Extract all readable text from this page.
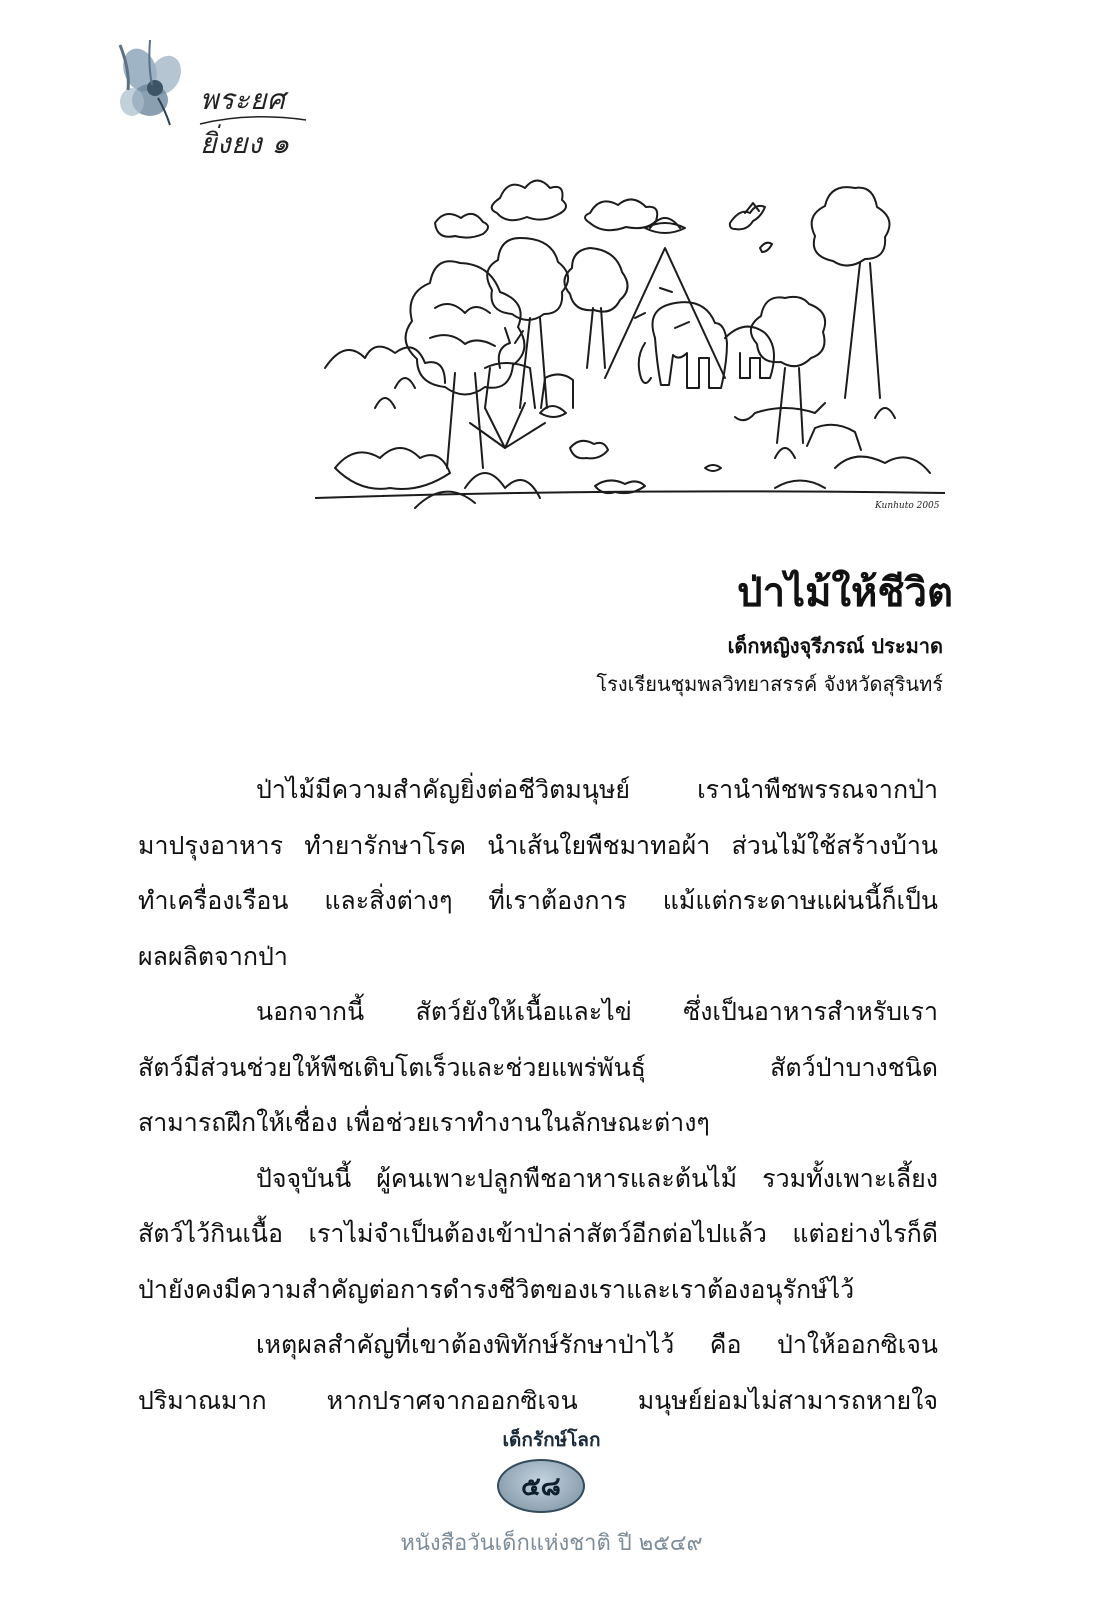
พระยศยิ่งยง ๑
Kunhuto 2005
ป่าไม้ให้ชีวิต
เด็กหญิงจุรีภรณ์ ประมาด
โรงเรียนชุมพลวิทยาสรรค์ จังหวัดสุรินทร์
ป่าไม้มีความสำคัญยิ่งต่อชีวิตมนุษย์ เรานำพืชพรรณจากป่า
มาปรุงอาหาร ทำยารักษาโรค นำเส้นใยพืชมาทอผ้า ส่วนไม้ใช้สร้างบ้าน
ทำเครื่องเรือน และสิ่งต่างๆ ที่เราต้องการ แม้แต่กระดาษแผ่นนี้ก็เป็น
ผลผลิตจากป่า
นอกจากนี้ สัตว์ยังให้เนื้อและไข่ ซึ่งเป็นอาหารสำหรับเรา
สัตว์มีส่วนช่วยให้พืชเติบโตเร็วและช่วยแพร่พันธุ์ สัตว์ป่าบางชนิด
สามารถฝึกให้เชื่อง เพื่อช่วยเราทำงานในลักษณะต่างๆ
ปัจจุบันนี้ ผู้คนเพาะปลูกพืชอาหารและต้นไม้ รวมทั้งเพาะเลี้ยง
สัตว์ไว้กินเนื้อ เราไม่จำเป็นต้องเข้าป่าล่าสัตว์อีกต่อไปแล้ว แต่อย่างไรก็ดี
ป่ายังคงมีความสำคัญต่อการดำรงชีวิตของเราและเราต้องอนุรักษ์ไว้
เหตุผลสำคัญที่เขาต้องพิทักษ์รักษาป่าไว้ คือ ป่าให้ออกซิเจน
ปริมาณมาก หากปราศจากออกซิเจน มนุษย์ย่อมไม่สามารถหายใจ
เด็กรักษ์โลก
๕๘
หนังสือวันเด็กแห่งชาติ ปี ๒๕๔๙
